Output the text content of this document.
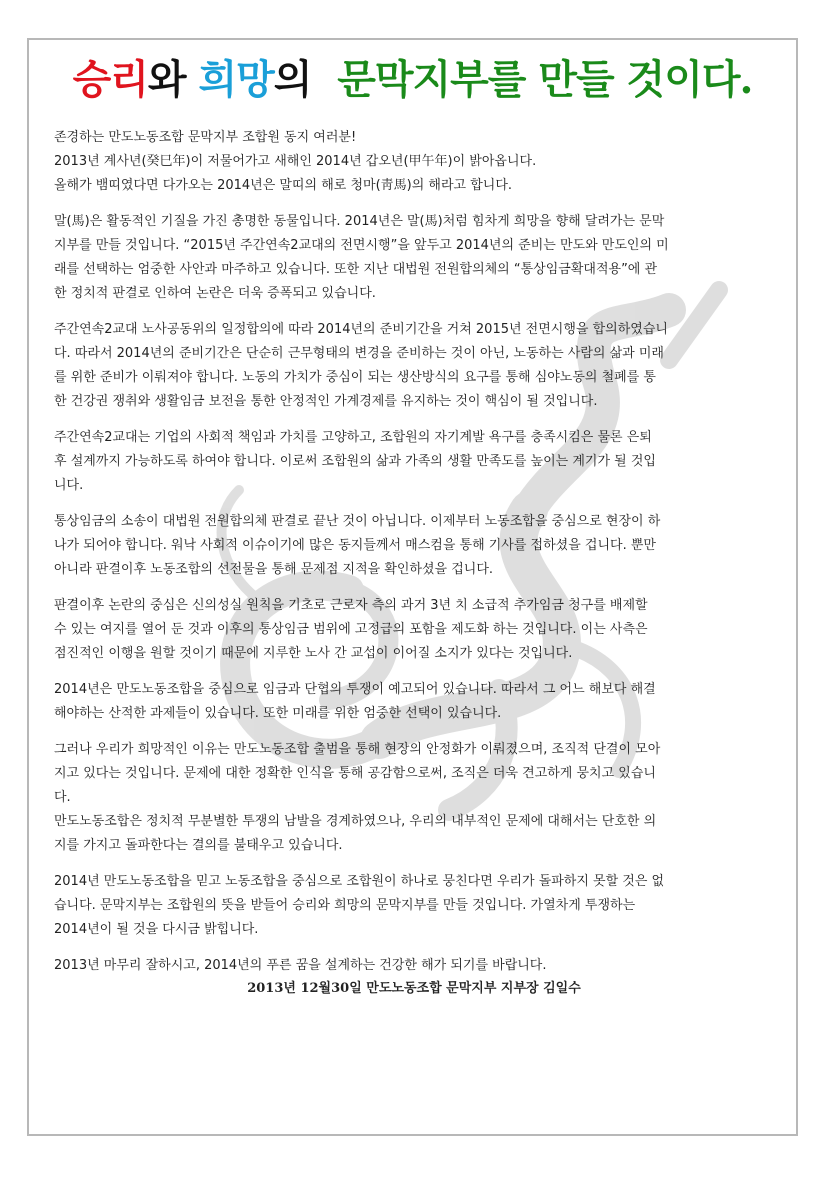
승리와 희망의  문막지부를 만들 것이다.
존경하는 만도노동조합 문막지부 조합원 동지 여러분!
2013년 계사년(癸巳年)이 저물어가고 새해인 2014년 갑오년(甲午年)이 밝아옵니다.
올해가 뱀띠였다면 다가오는 2014년은 말띠의 해로 청마(靑馬)의 해라고 합니다.
말(馬)은 활동적인 기질을 가진 총명한 동물입니다. 2014년은 말(馬)처럼 힘차게 희망을 향해 달려가는 문막
지부를 만들 것입니다. “2015년 주간연속2교대의 전면시행”을 앞두고 2014년의 준비는 만도와 만도인의 미
래를 선택하는 엄중한 사안과 마주하고 있습니다. 또한 지난 대법원 전원합의체의 “통상임금확대적용”에 관
한 정치적 판결로 인하여 논란은 더욱 증폭되고 있습니다.
주간연속2교대 노사공동위의 일정합의에 따라 2014년의 준비기간을 거쳐 2015년 전면시행을 합의하였습니
다. 따라서 2014년의 준비기간은 단순히 근무형태의 변경을 준비하는 것이 아닌, 노동하는 사람의 삶과 미래
를 위한 준비가 이뤄져야 합니다. 노동의 가치가 중심이 되는 생산방식의 요구를 통해 심야노동의 철폐를 통
한 건강권 쟁취와 생활임금 보전을 통한 안정적인 가계경제를 유지하는 것이 핵심이 될 것입니다.
주간연속2교대는 기업의 사회적 책임과 가치를 고양하고, 조합원의 자기계발 욕구를 충족시킴은 물론 은퇴
후 설계까지 가능하도록 하여야 합니다. 이로써 조합원의 삶과 가족의 생활 만족도를 높이는 계기가 될 것입
니다.
통상임금의 소송이 대법원 전원합의체 판결로 끝난 것이 아닙니다. 이제부터 노동조합을 중심으로 현장이 하
나가 되어야 합니다. 워낙 사회적 이슈이기에 많은 동지들께서 매스컴을 통해 기사를 접하셨을 겁니다. 뿐만
아니라 판결이후 노동조합의 선전물을 통해 문제점 지적을 확인하셨을 겁니다.
판결이후 논란의 중심은 신의성실 원칙을 기초로 근로자 측의 과거 3년 치 소급적 추가임금 청구를 배제할
수 있는 여지를 열어 둔 것과 이후의 통상임금 범위에 고정급의 포함을 제도화 하는 것입니다. 이는 사측은
점진적인 이행을 원할 것이기 때문에 지루한 노사 간 교섭이 이어질 소지가 있다는 것입니다.
2014년은 만도노동조합을 중심으로 임금과 단협의 투쟁이 예고되어 있습니다. 따라서 그 어느 해보다 해결
해야하는 산적한 과제들이 있습니다. 또한 미래를 위한 엄중한 선택이 있습니다.
그러나 우리가 희망적인 이유는 만도노동조합 출범을 통해 현장의 안정화가 이뤄졌으며, 조직적 단결이 모아
지고 있다는 것입니다. 문제에 대한 정확한 인식을 통해 공감함으로써, 조직은 더욱 견고하게 뭉치고 있습니
다.
만도노동조합은 정치적 무분별한 투쟁의 남발을 경계하였으나, 우리의 내부적인 문제에 대해서는 단호한 의
지를 가지고 돌파한다는 결의를 불태우고 있습니다.
2014년 만도노동조합을 믿고 노동조합을 중심으로 조합원이 하나로 뭉친다면 우리가 돌파하지 못할 것은 없
습니다. 문막지부는 조합원의 뜻을 받들어 승리와 희망의 문막지부를 만들 것입니다. 가열차게 투쟁하는
2014년이 될 것을 다시금 밝힙니다.
2013년 마무리 잘하시고, 2014년의 푸른 꿈을 설계하는 건강한 해가 되기를 바랍니다.
2013년 12월30일 만도노동조합 문막지부 지부장 김일수
